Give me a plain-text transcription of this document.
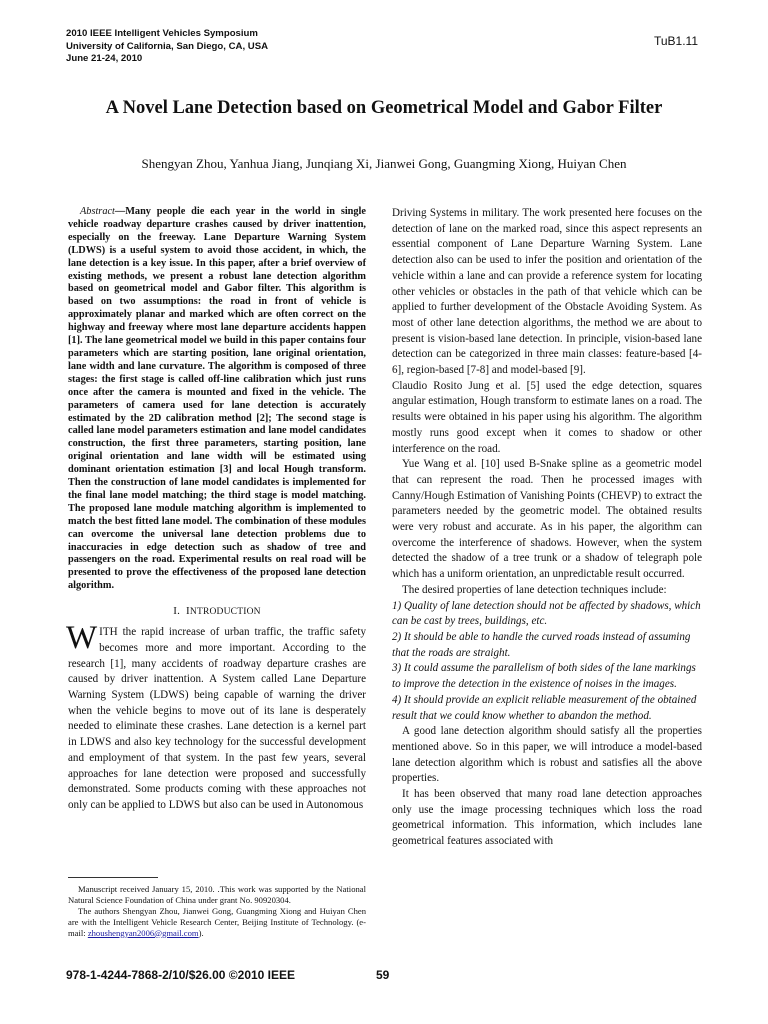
2010 IEEE Intelligent Vehicles Symposium
University of California, San Diego, CA, USA
June 21-24, 2010
TuB1.11
A Novel Lane Detection based on Geometrical Model and Gabor Filter
Shengyan Zhou, Yanhua Jiang, Junqiang Xi, Jianwei Gong, Guangming Xiong, Huiyan Chen

Abstract—Many people die each year in the world in single vehicle roadway departure crashes caused by driver inattention, especially on the freeway. Lane Departure Warning System (LDWS) is a useful system to avoid those accident, in which, the lane detection is a key issue. In this paper, after a brief overview of existing methods, we present a robust lane detection algorithm based on geometrical model and Gabor filter. This algorithm is based on two assumptions: the road in front of vehicle is approximately planar and marked which are often correct on the highway and freeway where most lane departure accidents happen [1]. The lane geometrical model we build in this paper contains four parameters which are starting position, lane original orientation, lane width and lane curvature. The algorithm is composed of three stages: the first stage is called off-line calibration which just runs once after the camera is mounted and fixed in the vehicle. The parameters of camera used for lane detection is accurately estimated by the 2D calibration method [2]; The second stage is called lane model parameters estimation and lane model candidates construction, the first three parameters, starting position, lane original orientation and lane width will be estimated using dominant orientation estimation [3] and local Hough transform. Then the construction of lane model candidates is implemented for the final lane model matching; the third stage is model matching. The proposed lane module matching algorithm is implemented to match the best fitted lane model. The combination of these modules can overcome the universal lane detection problems due to inaccuracies in edge detection such as shadow of tree and passengers on the road. Experimental results on real road will be presented to prove the effectiveness of the proposed lane detection algorithm.

I. INTRODUCTION
W ITH the rapid increase of urban traffic, the traffic safety becomes more and more important. According to the research [1], many accidents of roadway departure crashes are caused by driver inattention. A System called Lane Departure Warning System (LDWS) being capable of warning the driver when the vehicle begins to move out of its lane is desperately needed to eliminate these crashes. Lane detection is a kernel part in LDWS and also key technology for the successful development and employment of that system. In the past few years, several approaches for lane detection were proposed and successfully demonstrated. Some products coming with these approaches not only can be applied to LDWS but also can be used in Autonomous

Driving Systems in military. The work presented here focuses on the detection of lane on the marked road, since this aspect represents an essential component of Lane Departure Warning System. Lane detection also can be used to infer the position and orientation of the vehicle within a lane and can provide a reference system for locating other vehicles or obstacles in the path of that vehicle which can be applied to further development of the Obstacle Avoiding System. As most of other lane detection algorithms, the method we are about to present is vision-based lane detection. In principle, vision-based lane detection can be categorized in three main classes: feature-based [4-6], region-based [7-8] and model-based [9].

Claudio Rosito Jung et al. [5] used the edge detection, squares angular estimation, Hough transform to estimate lanes on a road. The results were obtained in his paper using his algorithm. The algorithm mostly runs good except when it comes to shadow or other interference on the road.

Yue Wang et al. [10] used B-Snake spline as a geometric model that can represent the road. Then he processed images with Canny/Hough Estimation of Vanishing Points (CHEVP) to extract the parameters needed by the geometric model. The obtained results were very robust and accurate. As in his paper, the algorithm can overcome the interference of shadows. However, when the system detected the shadow of a tree trunk or a shadow of telegraph pole which has a uniform orientation, an unpredictable result occurred.

The desired properties of lane detection techniques include:

1) Quality of lane detection should not be affected by shadows, which can be cast by trees, buildings, etc.

2) It should be able to handle the curved roads instead of assuming that the roads are straight.

3) It could assume the parallelism of both sides of the lane markings to improve the detection in the existence of noises in the images.

4) It should provide an explicit reliable measurement of the obtained result that we could know whether to abandon the method.

A good lane detection algorithm should satisfy all the properties mentioned above. So in this paper, we will introduce a model-based lane detection algorithm which is robust and satisfies all the above properties.

It has been observed that many road lane detection approaches only use the image processing techniques which loss the road geometrical information. This information, which includes lane geometrical features associated with

Manuscript received January 15, 2010. .This work was supported by the National Natural Science Foundation of China under grant No. 90920304.

The authors Shengyan Zhou, Jianwei Gong, Guangming Xiong and Huiyan Chen are with the Intelligent Vehicle Research Center, Beijing Institute of Technology. (e-mail: zhoushengyan2006@gmail.com).

978-1-4244-7868-2/10/$26.00 ©2010 IEEE	59
